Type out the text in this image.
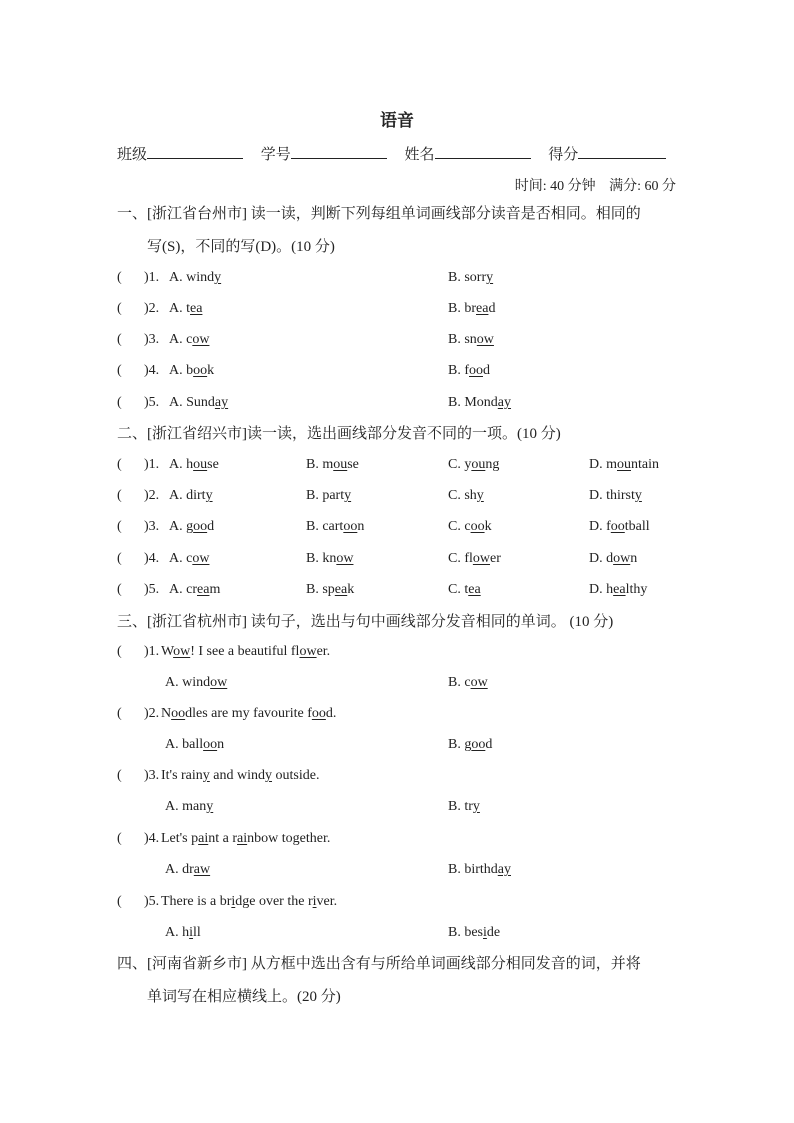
语音
班级	学号	姓名	得分
时间: 40 分钟 满分: 60 分
一、[浙江省台州市] 读一读，判断下列每组单词画线部分读音是否相同。相同的
写(S)，不同的写(D)。(10 分)
( )1. A. windy	B. sorry
( )2. A. tea	B. bread
( )3. A. cow	B. snow
( )4. A. book	B. food
( )5. A. Sunday	B. Monday
二、[浙江省绍兴市]读一读，选出画线部分发音不同的一项。(10 分)
( )1. A. house	B. mouse	C. young	D. mountain
( )2. A. dirty	B. party	C. shy	D. thirsty
( )3. A. good	B. cartoon	C. cook	D. football
( )4. A. cow	B. know	C. flower	D. down
( )5. A. cream	B. speak	C. tea	D. healthy
三、[浙江省杭州市] 读句子，选出与句中画线部分发音相同的单词。 (10 分)
( )1. Wow! I see a beautiful flower.
A. window	B. cow
( )2. Noodles are my favourite food.
A. balloon	B. good
( )3. It's rainy and windy outside.
A. many	B. try
( )4. Let's paint a rainbow together.
A. draw	B. birthday
( )5. There is a bridge over the river.
A. hill	B. beside
四、[河南省新乡市] 从方框中选出含有与所给单词画线部分相同发音的词，并将
单词写在相应横线上。(20 分)
